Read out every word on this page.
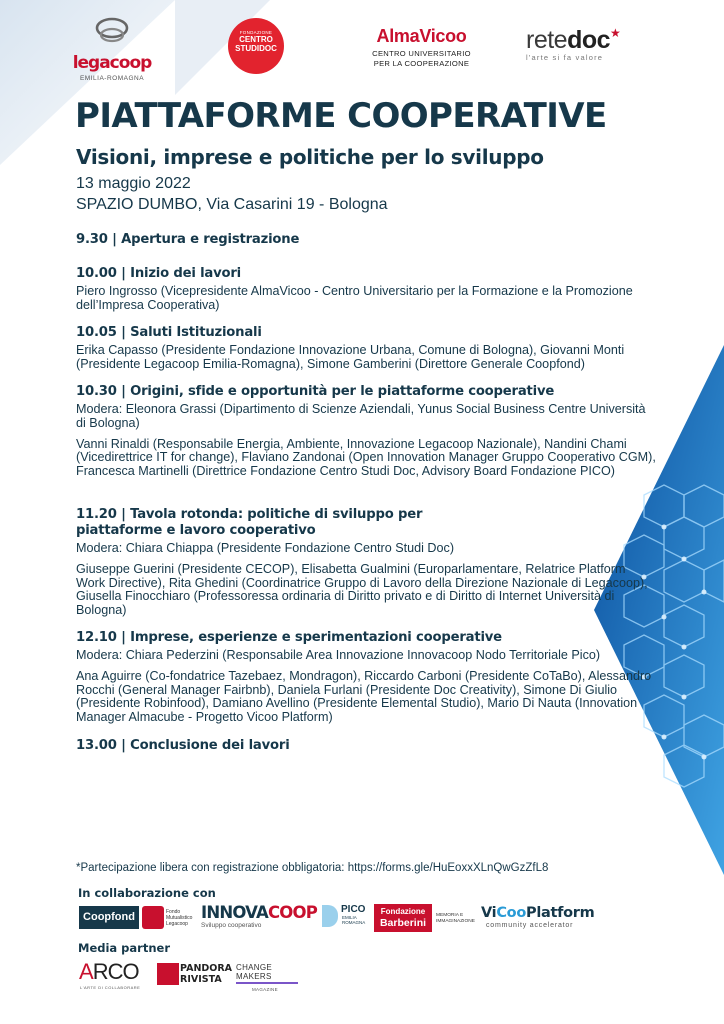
legacoop
EMILIA-ROMAGNA
FONDAZIONE
CENTRO
STUDIDOC
AlmaVicoo
CENTRO UNIVERSITARIO
PER LA COOPERAZIONE
retedoc★
l'arte si fa valore
PIATTAFORME COOPERATIVE
Visioni, imprese e politiche per lo sviluppo
13 maggio 2022
SPAZIO DUMBO, Via Casarini 19 - Bologna
9.30 | Apertura e registrazione
10.00 | Inizio dei lavori

Piero Ingrosso (Vicepresidente AlmaVicoo - Centro Universitario per la Formazione e la Promozione dell’Impresa Cooperativa)

10.05 | Saluti Istituzionali

Erika Capasso (Presidente Fondazione Innovazione Urbana, Comune di Bologna), Giovanni Monti (Presidente Legacoop Emilia-Romagna), Simone Gamberini (Direttore Generale Coopfond)

10.30 | Origini, sfide e opportunità per le piattaforme cooperative

Modera: Eleonora Grassi (Dipartimento di Scienze Aziendali, Yunus Social Business Centre Università di Bologna)

Vanni Rinaldi (Responsabile Energia, Ambiente, Innovazione Legacoop Nazionale), Nandini Chami (Vicedirettrice IT for change), Flaviano Zandonai (Open Innovation Manager Gruppo Cooperativo CGM), Francesca Martinelli (Direttrice Fondazione Centro Studi Doc, Advisory Board Fondazione PICO)

11.20 | Tavola rotonda: politiche di sviluppo per piattaforme e lavoro cooperativo

Modera: Chiara Chiappa (Presidente Fondazione Centro Studi Doc)

Giuseppe Guerini (Presidente CECOP), Elisabetta Gualmini (Europarlamentare, Relatrice Platform Work Directive), Rita Ghedini (Coordinatrice Gruppo di Lavoro della Direzione Nazionale di Legacoop), Giusella Finocchiaro (Professoressa ordinaria di Diritto privato e di Diritto di Internet Università di Bologna)

12.10 | Imprese, esperienze e sperimentazioni cooperative

Modera: Chiara Pederzini (Responsabile Area Innovazione Innovacoop Nodo Territoriale Pico)

Ana Aguirre (Co-fondatrice Tazebaez, Mondragon), Riccardo Carboni (Presidente CoTaBo), Alessandro Rocchi (General Manager Fairbnb), Daniela Furlani (Presidente Doc Creativity), Simone Di Giulio (Presidente Robinfood), Damiano Avellino (Presidente Elemental Studio), Mario Di Nauta (Innovation Manager Almacube - Progetto Vicoo Platform)

13.00 | Conclusione dei lavori
*Partecipazione libera con registrazione obbligatoria: https://forms.gle/HuEoxxXLnQwGzZfL8
In collaborazione con
Coopfond	Fondo Mutualistico Legacoop
INNOVACOOP
Sviluppo cooperativo
PICO
EMILIA
ROMAGNA
Fondazione
Barberini
MEMORIA E
IMMAGINAZIONE
ViCooPlatform
community accelerator
Media partner
ARCO
L'ARTE DI COLLABORARE
PANDORA
RIVISTA
CHANGE
MAKERS
MAGAZINE
